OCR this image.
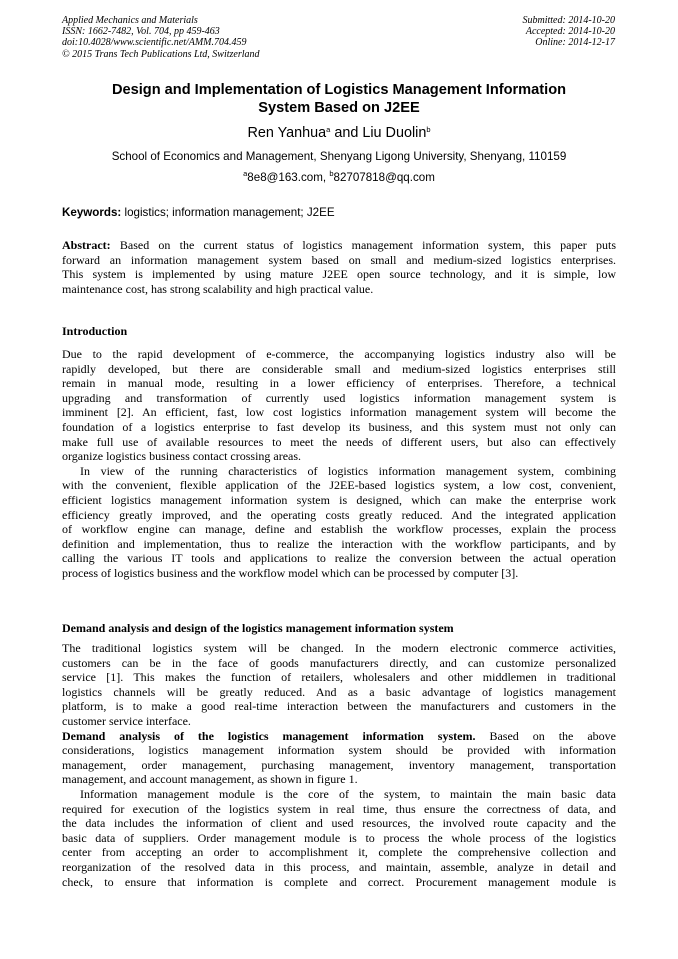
Applied Mechanics and Materials
ISSN: 1662-7482, Vol. 704, pp 459-463
doi:10.4028/www.scientific.net/AMM.704.459
© 2015 Trans Tech Publications Ltd, Switzerland
Submitted: 2014-10-20
Accepted: 2014-10-20
Online: 2014-12-17
Design and Implementation of Logistics Management Information
System Based on J2EE
Ren Yanhua$^a$ and Liu Duolin$^b$
School of Economics and Management, Shenyang Ligong University, Shenyang, 110159
$^a$8e8@163.com, $^b$82707818@qq.com
Keywords: logistics; information management; J2EE
Abstract: Based on the current status of logistics management information system, this paper puts
forward an information management system based on small and medium-sized logistics enterprises.
This system is implemented by using mature J2EE open source technology, and it is simple, low
maintenance cost, has strong scalability and high practical value.
Introduction
Due to the rapid development of e-commerce, the accompanying logistics industry also will be
rapidly developed, but there are considerable small and medium-sized logistics enterprises still
remain in manual mode, resulting in a lower efficiency of enterprises. Therefore, a technical
upgrading and transformation of currently used logistics information management system is
imminent [2]. An efficient, fast, low cost logistics information management system will become the
foundation of a logistics enterprise to fast develop its business, and this system must not only can
make full use of available resources to meet the needs of different users, but also can effectively
organize logistics business contact crossing areas.
In view of the running characteristics of logistics information management system, combining
with the convenient, flexible application of the J2EE-based logistics system, a low cost, convenient,
efficient logistics management information system is designed, which can make the enterprise work
efficiency greatly improved, and the operating costs greatly reduced. And the integrated application
of workflow engine can manage, define and establish the workflow processes, explain the process
definition and implementation, thus to realize the interaction with the workflow participants, and by
calling the various IT tools and applications to realize the conversion between the actual operation
process of logistics business and the workflow model which can be processed by computer [3].
Demand analysis and design of the logistics management information system
The traditional logistics system will be changed. In the modern electronic commerce activities,
customers can be in the face of goods manufacturers directly, and can customize personalized
service [1]. This makes the function of retailers, wholesalers and other middlemen in traditional
logistics channels will be greatly reduced. And as a basic advantage of logistics management
platform, is to make a good real-time interaction between the manufacturers and customers in the
customer service interface.
Demand analysis of the logistics management information system. Based on the above
considerations, logistics management information system should be provided with information
management, order management, purchasing management, inventory management, transportation
management, and account management, as shown in figure 1.
Information management module is the core of the system, to maintain the main basic data
required for execution of the logistics system in real time, thus ensure the correctness of data, and
the data includes the information of client and used resources, the involved route capacity and the
basic data of suppliers. Order management module is to process the whole process of the logistics
center from accepting an order to accomplishment it, complete the comprehensive collection and
reorganization of the resolved data in this process, and maintain, assemble, analyze in detail and
check, to ensure that information is complete and correct. Procurement management module is
